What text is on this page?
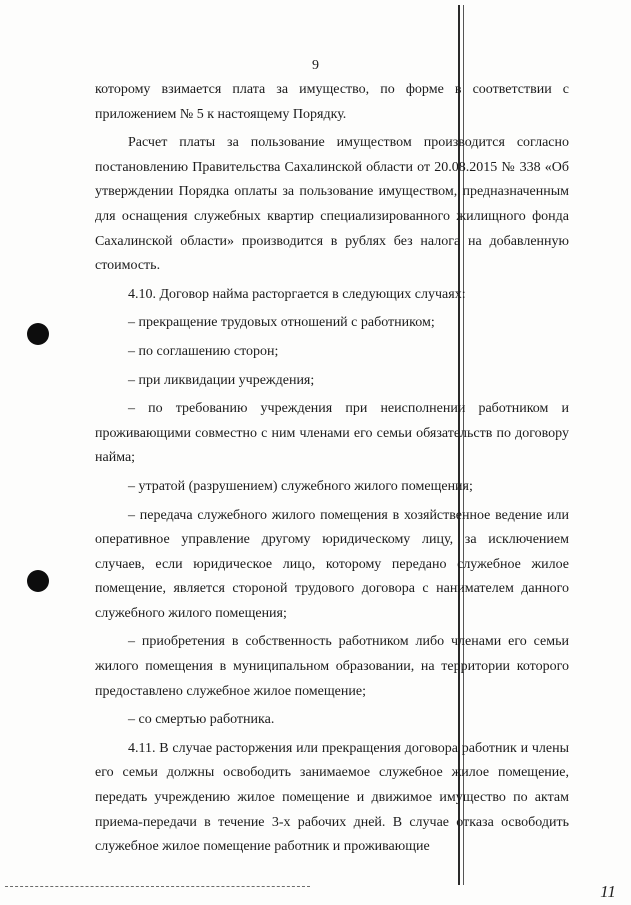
9

которому взимается плата за имущество, по форме в соответствии с приложением № 5 к настоящему Порядку.

Расчет платы за пользование имуществом производится согласно постановлению Правительства Сахалинской области от 20.08.2015 № 338 «Об утверждении Порядка оплаты за пользование имуществом, предназначенным для оснащения служебных квартир специализированного жилищного фонда Сахалинской области» производится в рублях без налога на добавленную стоимость.

4.10. Договор найма расторгается в следующих случаях:

– прекращение трудовых отношений с работником;

– по соглашению сторон;

– при ликвидации учреждения;

– по требованию учреждения при неисполнении работником и проживающими совместно с ним членами его семьи обязательств по договору найма;

– утратой (разрушением) служебного жилого помещения;

– передача служебного жилого помещения в хозяйственное ведение или оперативное управление другому юридическому лицу, за исключением случаев, если юридическое лицо, которому передано служебное жилое помещение, является стороной трудового договора с нанимателем данного служебного жилого помещения;

– приобретения в собственность работником либо членами его семьи жилого помещения в муниципальном образовании, на территории которого предоставлено служебное жилое помещение;

– со смертью работника.

4.11. В случае расторжения или прекращения договора работник и члены его семьи должны освободить занимаемое служебное жилое помещение, передать учреждению жилое помещение и движимое имущество по актам приема-передачи в течение 3-х рабочих дней. В случае отказа освободить служебное жилое помещение работник и проживающие

11
